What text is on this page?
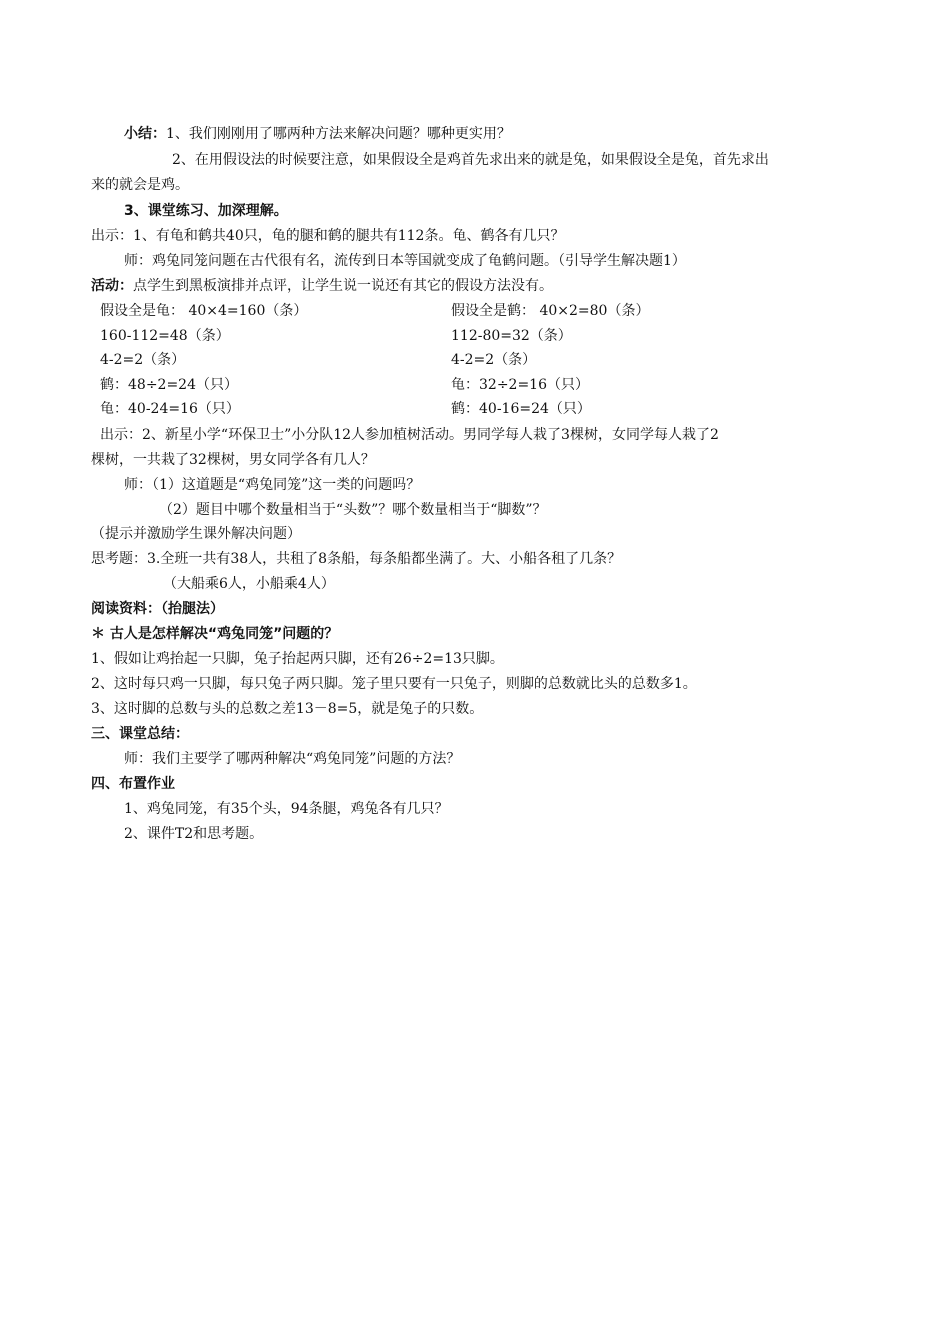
小结：1、我们刚刚用了哪两种方法来解决问题？哪种更实用？
2、在用假设法的时候要注意，如果假设全是鸡首先求出来的就是兔，如果假设全是兔，首先求出
来的就会是鸡。
3、课堂练习、加深理解。
出示：1、有龟和鹤共40只，龟的腿和鹤的腿共有112条。龟、鹤各有几只？
师：鸡兔同笼问题在古代很有名，流传到日本等国就变成了龟鹤问题。（引导学生解决题1）
活动：点学生到黑板演排并点评，让学生说一说还有其它的假设方法没有。
假设全是龟： 40×4=160（条）	假设全是鹤： 40×2=80（条）
160-112=48（条）	112-80=32（条）
4-2=2（条）	4-2=2（条）
鹤：48÷2=24（只）	龟：32÷2=16（只）
龟：40-24=16（只）	鹤：40-16=24（只）
出示：2、新星小学“环保卫士”小分队12人参加植树活动。男同学每人栽了3棵树，女同学每人栽了2
棵树，一共栽了32棵树，男女同学各有几人？
师：（1）这道题是“鸡兔同笼”这一类的问题吗？
（2）题目中哪个数量相当于“头数”？哪个数量相当于“脚数”？
（提示并激励学生课外解决问题）
思考题：3.全班一共有38人，共租了8条船，每条船都坐满了。大、小船各租了几条？
（大船乘6人，小船乘4人）
阅读资料：（抬腿法）
＊ 古人是怎样解决“鸡兔同笼”问题的？
1、假如让鸡抬起一只脚，兔子抬起两只脚，还有26÷2=13只脚。
2、这时每只鸡一只脚，每只兔子两只脚。笼子里只要有一只兔子，则脚的总数就比头的总数多1。
3、这时脚的总数与头的总数之差13－8=5，就是兔子的只数。
三、课堂总结：
师：我们主要学了哪两种解决“鸡兔同笼”问题的方法？
四、布置作业
1、鸡兔同笼，有35个头，94条腿，鸡兔各有几只？
2、课件T2和思考题。
